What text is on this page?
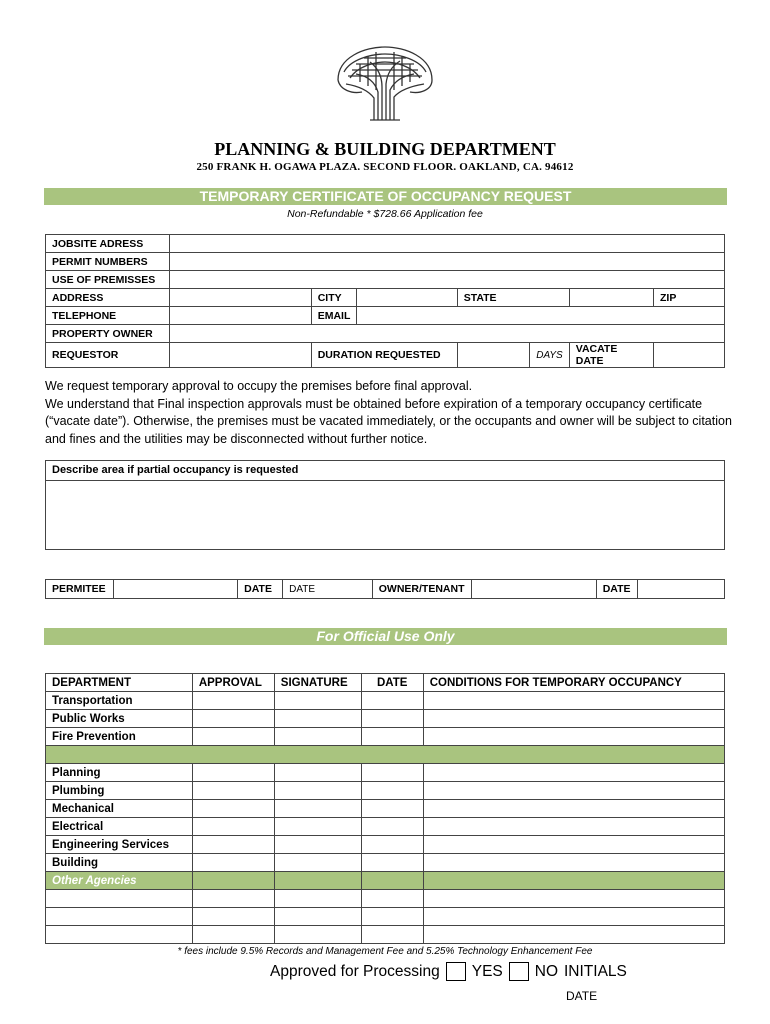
PLANNING & BUILDING DEPARTMENT
250 FRANK H. OGAWA PLAZA. SECOND FLOOR. OAKLAND, CA. 94612
TEMPORARY CERTIFICATE OF OCCUPANCY REQUEST
Non-Refundable * $728.66 Application fee
JOBSITE ADRESS							
PERMIT NUMBERS							
USE OF PREMISSES							
ADDRESS		CITY		STATE			ZIP
TELEPHONE		EMAIL					
PROPERTY OWNER							
REQUESTOR		DURATION REQUESTED			DAYS	VACATE DATE	
We request temporary approval to occupy the premises before final approval.
We understand that Final inspection approvals must be obtained before expiration of a temporary occupancy certificate (“vacate date”). Otherwise, the premises must be vacated immediately, or the occupants and owner will be subject to citation and fines and the utilities may be disconnected without further notice.
Describe area if partial occupancy is requested
PERMITEE		DATE	DATE	OWNER/TENANT		DATE	
For Official Use Only
DEPARTMENT	APPROVAL	SIGNATURE	DATE	CONDITIONS FOR TEMPORARY OCCUPANCY
Transportation				
Public Works				
Fire Prevention				

Planning				
Plumbing				
Mechanical				
Electrical				
Engineering Services				
Building				
Other Agencies				

* fees include 9.5% Records and Management Fee and 5.25% Technology Enhancement Fee
Approved for Processing YES NO INITIALS
DATE
